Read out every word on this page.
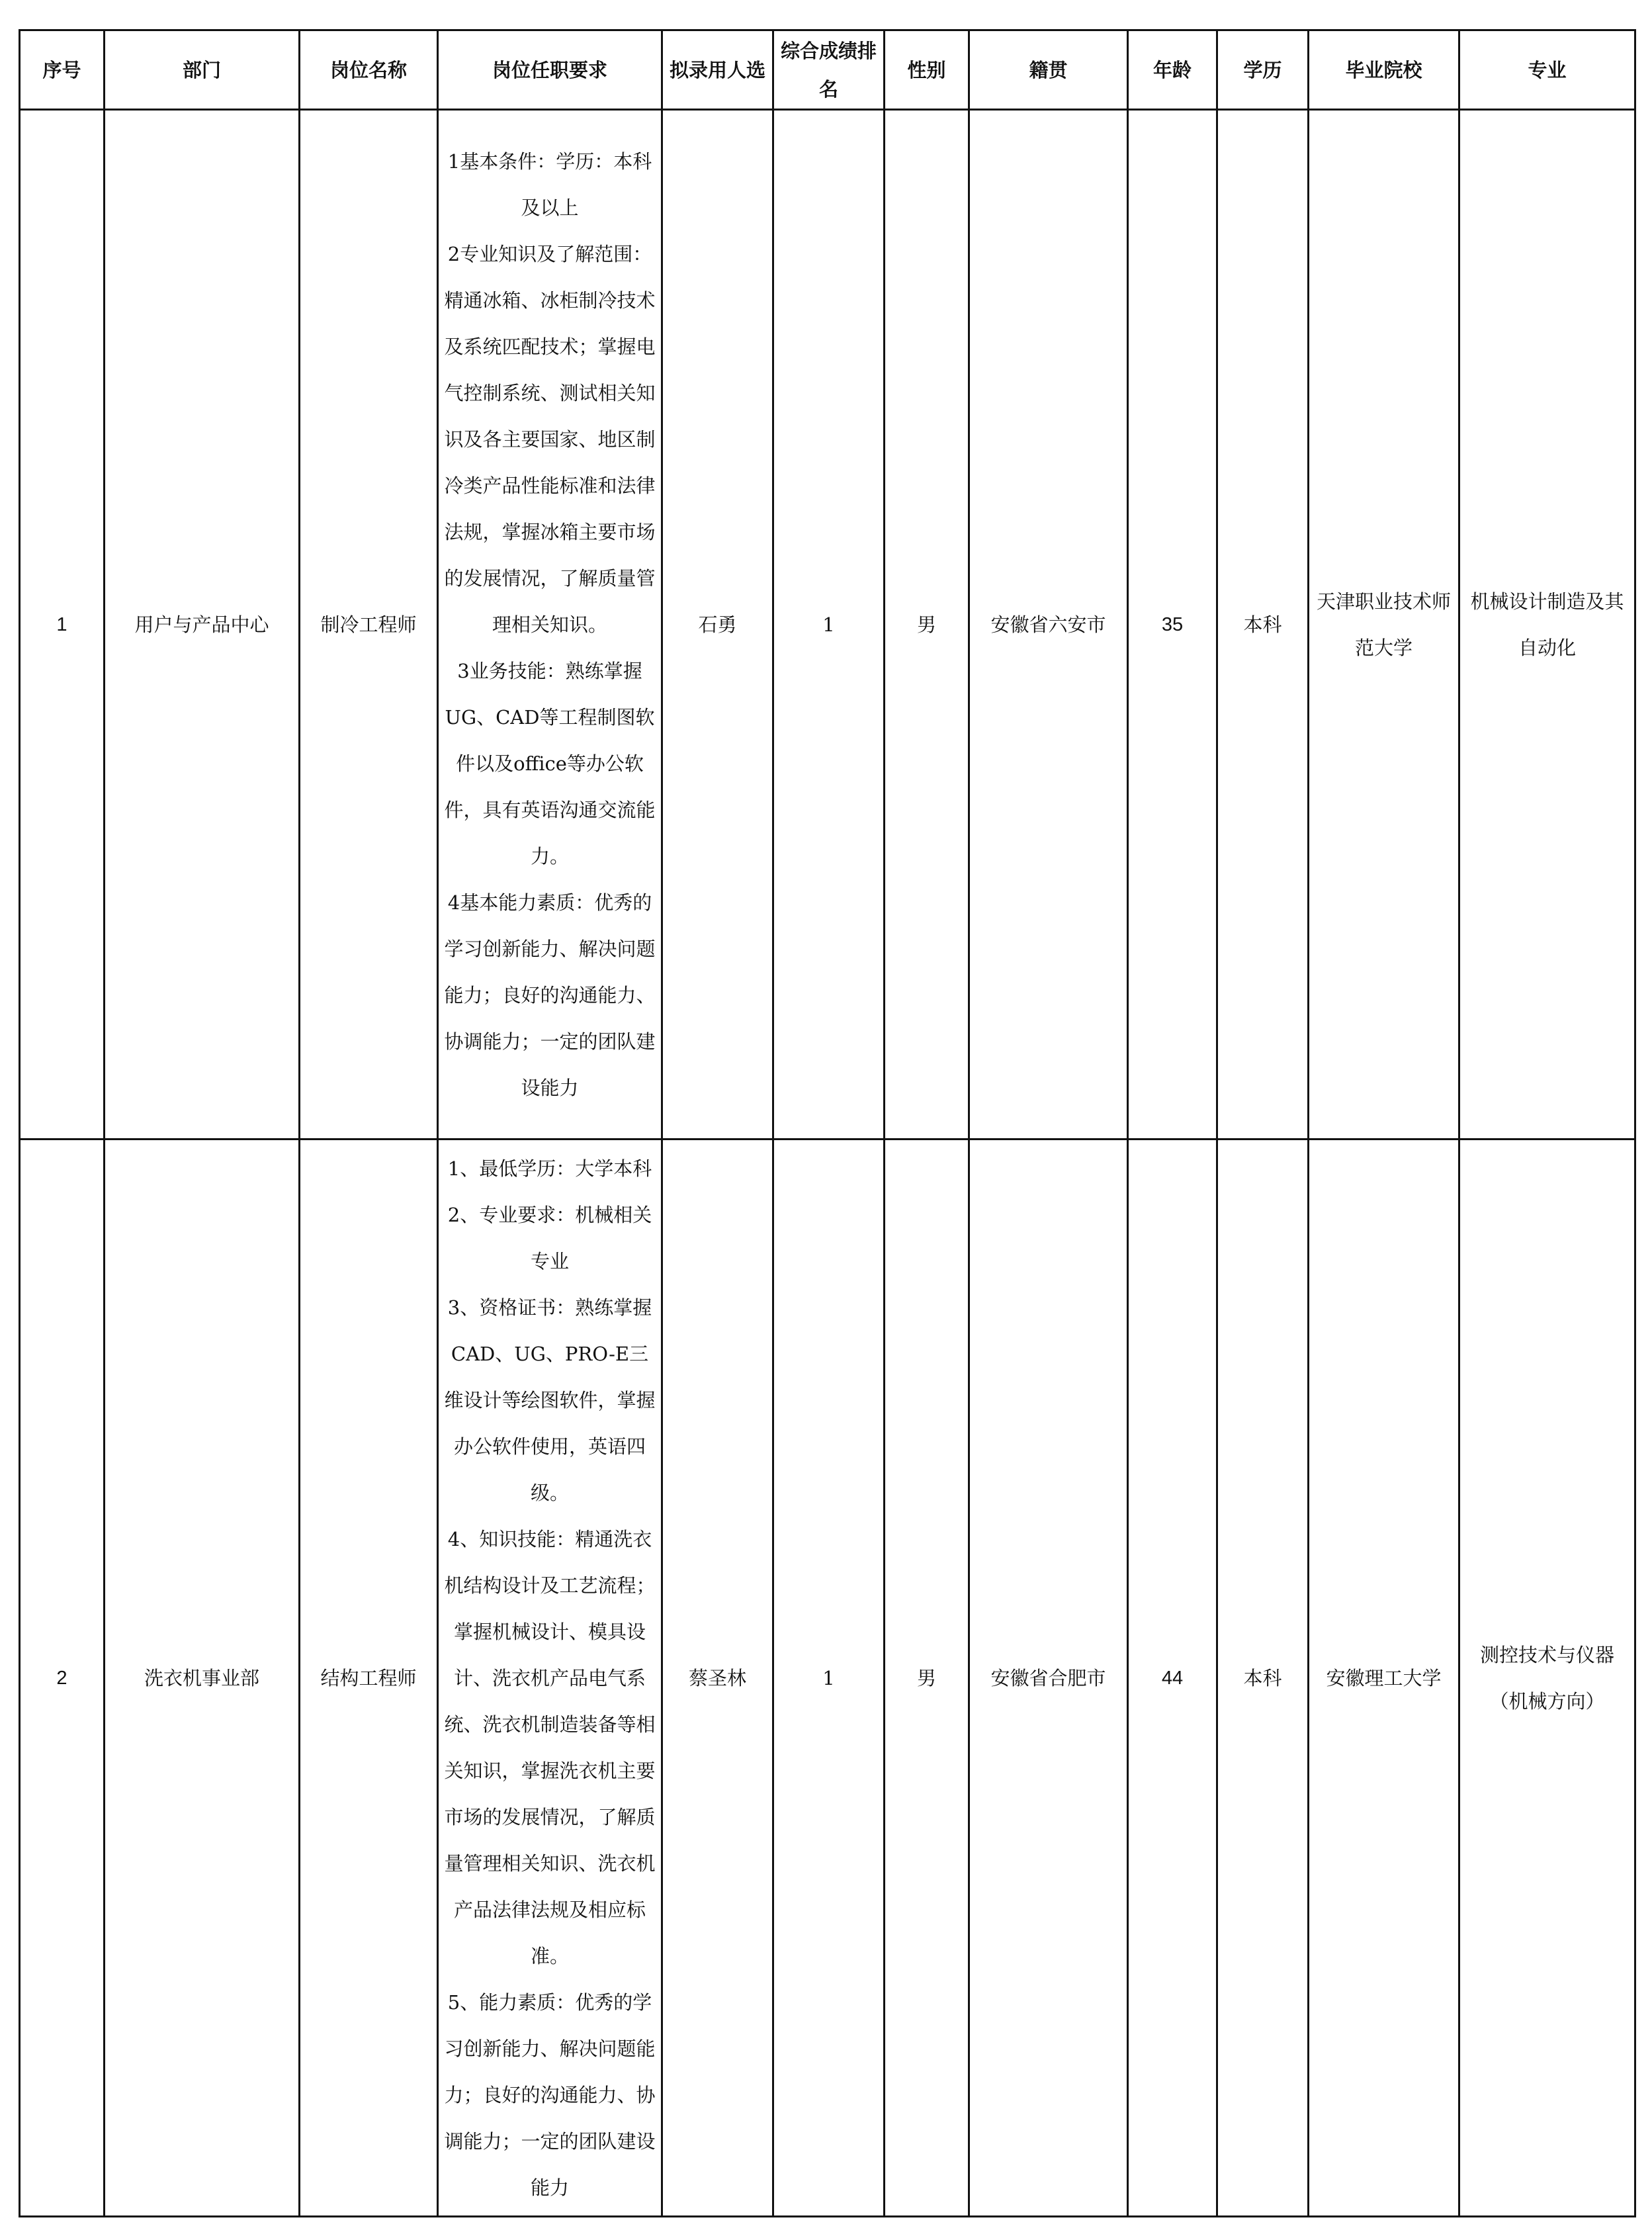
序号	部门	岗位名称	岗位任职要求	拟录用人选	综合成绩排名	性别	籍贯	年龄	学历	毕业院校	专业
1	用户与产品中心	制冷工程师	1基本条件：学历：本科及以上

2专业知识及了解范围：精通冰箱、冰柜制冷技术及系统匹配技术；掌握电气控制系统、测试相关知识及各主要国家、地区制冷类产品性能标准和法律法规，掌握冰箱主要市场的发展情况，了解质量管理相关知识。

3业务技能：熟练掌握UG、CAD等工程制图软件以及office等办公软件，具有英语沟通交流能力。

4基本能力素质：优秀的学习创新能力、解决问题能力；良好的沟通能力、协调能力；一定的团队建设能力	石勇	1	男	安徽省六安市	35	本科	天津职业技术师范大学	机械设计制造及其自动化
2	洗衣机事业部	结构工程师	1、最低学历：大学本科

2、专业要求：机械相关专业

3、资格证书：熟练掌握CAD、UG、PRO-E三维设计等绘图软件，掌握办公软件使用，英语四级。

4、知识技能：精通洗衣机结构设计及工艺流程；掌握机械设计、模具设计、洗衣机产品电气系统、洗衣机制造装备等相关知识，掌握洗衣机主要市场的发展情况，了解质量管理相关知识、洗衣机产品法律法规及相应标准。

5、能力素质：优秀的学习创新能力、解决问题能力；良好的沟通能力、协调能力；一定的团队建设能力	蔡圣林	1	男	安徽省合肥市	44	本科	安徽理工大学	测控技术与仪器（机械方向）
